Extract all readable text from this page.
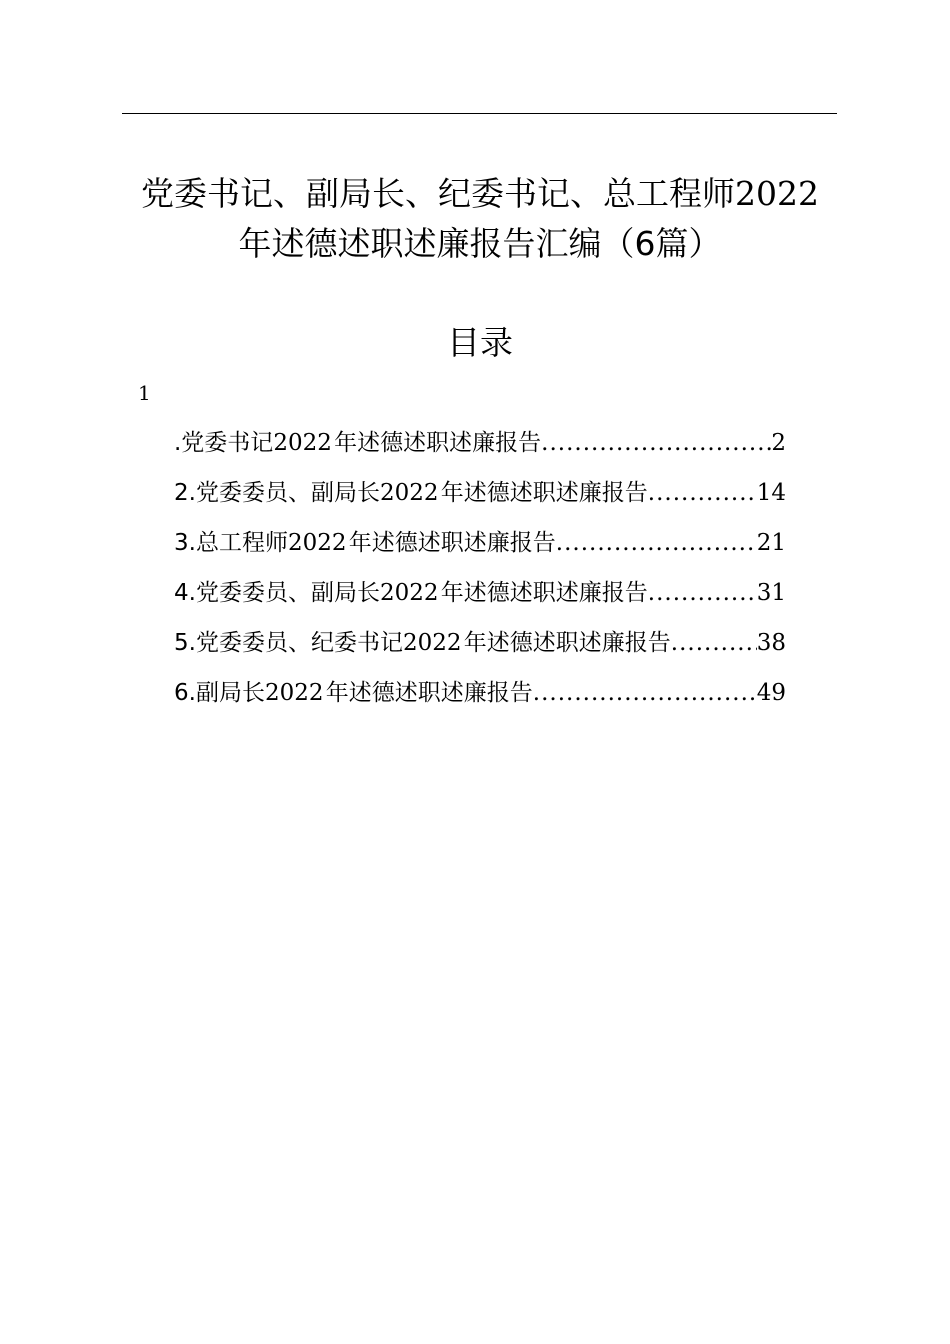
党委书记、副局长、纪委书记、总工程师2022
年述德述职述廉报告汇编（6篇）
目录
1
.党委书记2022 年述德述职述廉报告 .....	2
2.党委委员、副局长2022 年述德述职述廉报告 .....	14
3.总工程师2022 年述德述职述廉报告 .....	21
4.党委委员、副局长2022 年述德述职述廉报告 .....	31
5.党委委员、纪委书记2022 年述德述职述廉报告 .....	38
6.副局长2022 年述德述职述廉报告 .....	49
